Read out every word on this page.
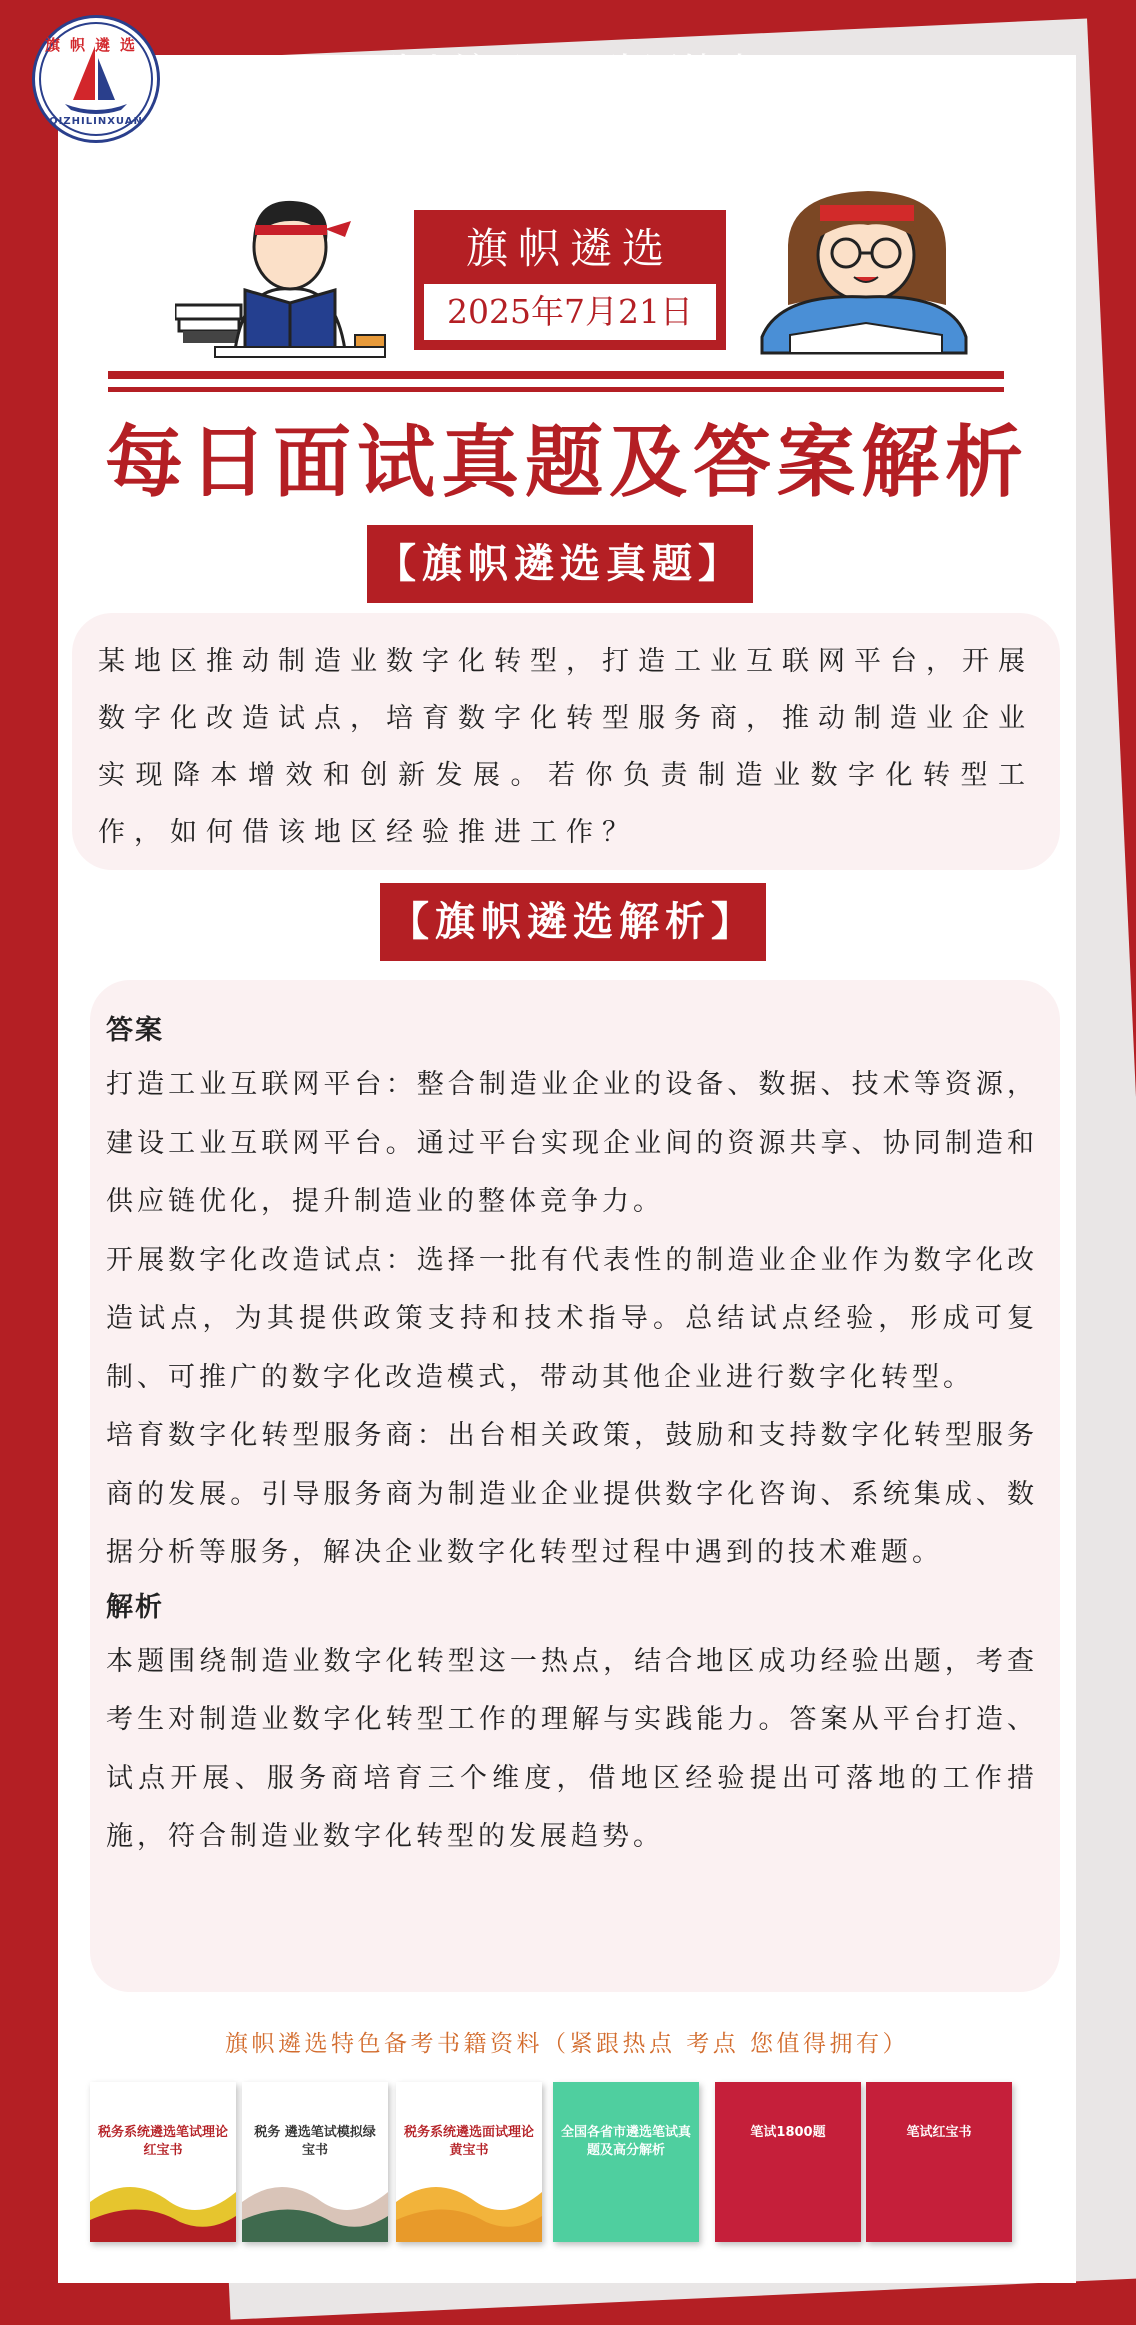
旗帜遴选
QIZHILINXUAN
助人渡己 为国储才
旗帜遴选
2025年7月21日
每日面试真题及答案解析
【旗帜遴选真题】
某地区推动制造业数字化转型，打造工业互联网平台，开展数字化改造试点，培育数字化转型服务商，推动制造业企业实现降本增效和创新发展。若你负责制造业数字化转型工作，如何借该地区经验推进工作？
【旗帜遴选解析】
答案
打造工业互联网平台：整合制造业企业的设备、数据、技术等资源，建设工业互联网平台。通过平台实现企业间的资源共享、协同制造和供应链优化，提升制造业的整体竞争力。
开展数字化改造试点：选择一批有代表性的制造业企业作为数字化改造试点，为其提供政策支持和技术指导。总结试点经验，形成可复制、可推广的数字化改造模式，带动其他企业进行数字化转型。
培育数字化转型服务商：出台相关政策，鼓励和支持数字化转型服务商的发展。引导服务商为制造业企业提供数字化咨询、系统集成、数据分析等服务，解决企业数字化转型过程中遇到的技术难题。
解析
本题围绕制造业数字化转型这一热点，结合地区成功经验出题，考查考生对制造业数字化转型工作的理解与实践能力。答案从平台打造、试点开展、服务商培育三个维度，借地区经验提出可落地的工作措施，符合制造业数字化转型的发展趋势。
旗帜遴选特色备考书籍资料（紧跟热点 考点 您值得拥有）
税务系统遴选笔试理论红宝书
税务 遴选笔试模拟绿宝书
税务系统遴选面试理论黄宝书
全国各省市遴选笔试真题及高分解析
笔试1800题	笔试红宝书
